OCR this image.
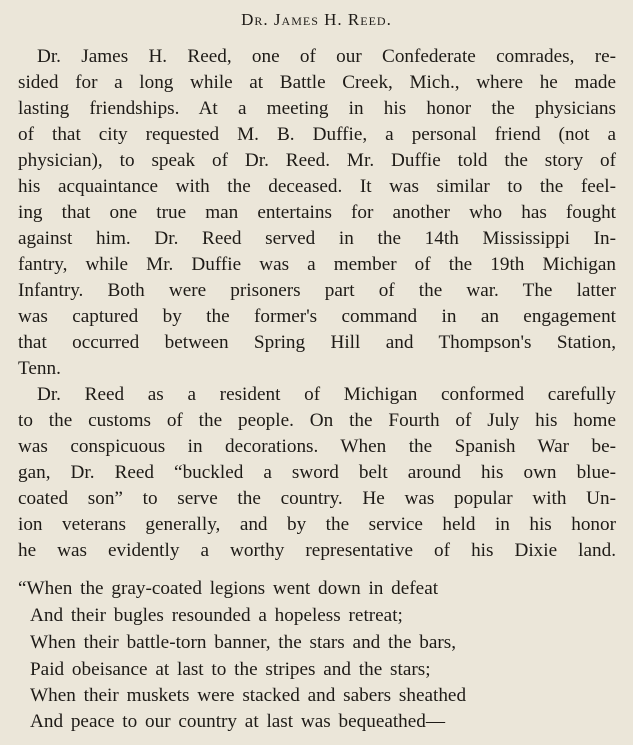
Dr. James H. Reed.
Dr. James H. Reed, one of our Confederate comrades, re-
sided for a long while at Battle Creek, Mich., where he made
lasting friendships. At a meeting in his honor the physicians
of that city requested M. B. Duffie, a personal friend (not a
physician), to speak of Dr. Reed. Mr. Duffie told the story of
his acquaintance with the deceased. It was similar to the feel-
ing that one true man entertains for another who has fought
against him. Dr. Reed served in the 14th Mississippi In-
fantry, while Mr. Duffie was a member of the 19th Michigan
Infantry. Both were prisoners part of the war. The latter
was captured by the former's command in an engagement
that occurred between Spring Hill and Thompson's Station,
Tenn.
Dr. Reed as a resident of Michigan conformed carefully
to the customs of the people. On the Fourth of July his home
was conspicuous in decorations. When the Spanish War be-
gan, Dr. Reed “buckled a sword belt around his own blue-
coated son” to serve the country. He was popular with Un-
ion veterans generally, and by the service held in his honor
he was evidently a worthy representative of his Dixie land.
“When the gray-coated legions went down in defeat
And their bugles resounded a hopeless retreat;
When their battle-torn banner, the stars and the bars,
Paid obeisance at last to the stripes and the stars;
When their muskets were stacked and sabers sheathed
And peace to our country at last was bequeathed—
